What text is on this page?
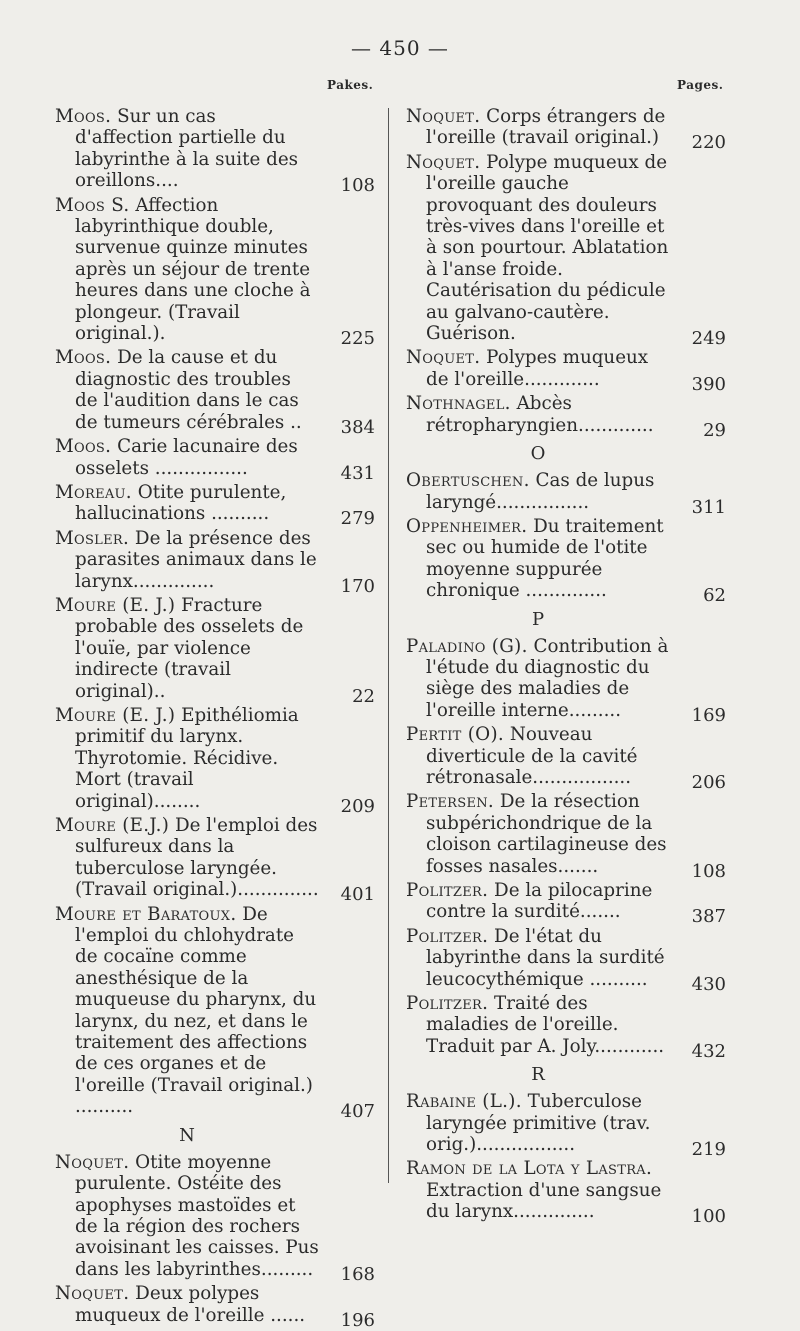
— 450 —
Pakes.	Pages.
Moos. Sur un cas d'affection partielle du labyrinthe à la suite des oreillons....	108
Moos S. Affection labyrinthique double, survenue quinze minutes après un séjour de trente heures dans une cloche à plongeur. (Travail original.).	225
Moos. De la cause et du diagnostic des troubles de l'audition dans le cas de tumeurs cérébrales .. 384
Moos. Carie lacunaire des osselets ................	431
Moreau. Otite purulente, hallucinations ..........	279
Mosler. De la présence des parasites animaux dans le larynx..............	170
Moure (E. J.) Fracture probable des osselets de l'ouïe, par violence indirecte (travail original)..	22
Moure (E. J.) Epithéliomia primitif du larynx. Thyrotomie. Récidive. Mort (travail original)........	209
Moure (E.J.) De l'emploi des sulfureux dans la tuberculose laryngée. (Travail original.).............. 401
Moure et Baratoux. De l'emploi du chlohydrate de cocaïne comme anesthésique de la muqueuse du pharynx, du larynx, du nez, et dans le traitement des affections de ces organes et de l'oreille (Travail original.) ..........	407
N
Noquet. Otite moyenne purulente. Ostéite des apophyses mastoïdes et de la région des rochers avoisinant les caisses. Pus dans les labyrinthes......... 168
Noquet. Deux polypes muqueux de l'oreille ...... 196
Noquet. Corps étrangers de l'oreille (travail original.) 220
Noquet. Polype muqueux de l'oreille gauche provoquant des douleurs très-vives dans l'oreille et à son pourtour. Ablatation à l'anse froide. Cautérisation du pédicule au galvano-cautère. Guérison.	249
Noquet. Polypes muqueux de l'oreille.............	390
Nothnagel. Abcès rétropharyngien.............	29
O
Obertuschen. Cas de lupus laryngé................	311
Oppenheimer. Du traitement sec ou humide de l'otite moyenne suppurée chronique ..............	62
P
Paladino (G). Contribution à l'étude du diagnostic du siège des maladies de l'oreille interne.........	169
Pertit (O). Nouveau diverticule de la cavité rétronasale.................	206
Petersen. De la résection subpérichondrique de la cloison cartilagineuse des fosses nasales.......	108
Politzer. De la pilocaprine contre la surdité.......	387
Politzer. De l'état du labyrinthe dans la surdité leucocythémique .......... 430
Politzer. Traité des maladies de l'oreille. Traduit par A. Joly............ 432
R
Rabaine (L.). Tuberculose laryngée primitive (trav. orig.).................	219
Ramon de la Lota y Lastra. Extraction d'une sangsue du larynx..............	100
